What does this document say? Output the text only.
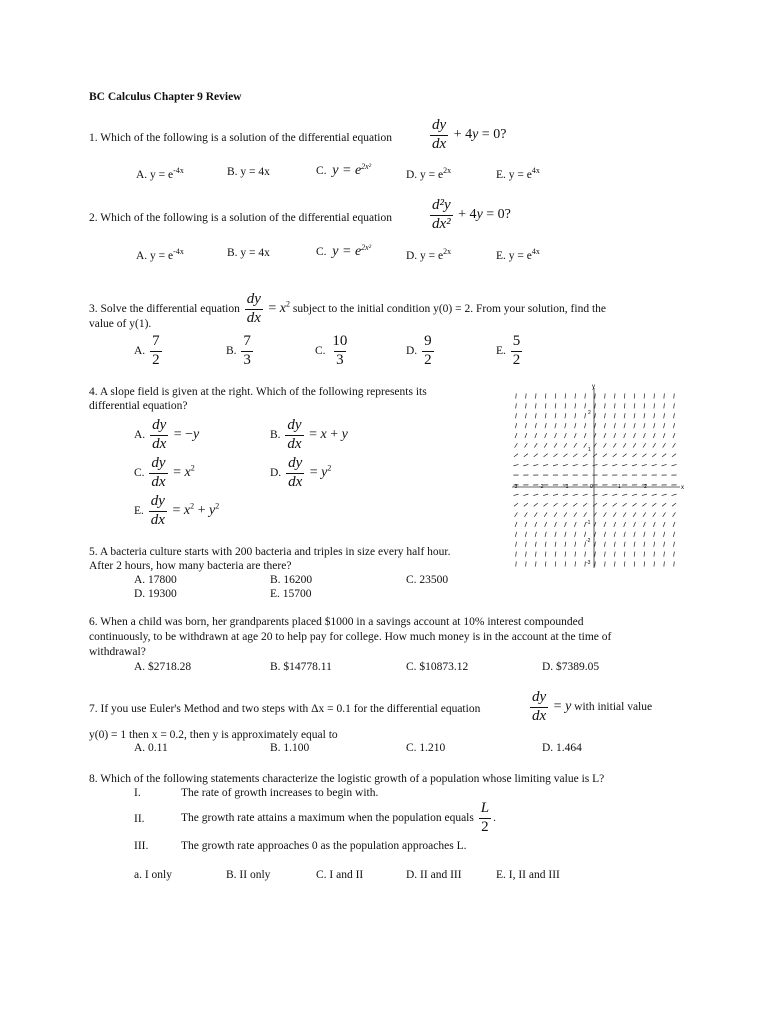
BC Calculus Chapter 9 Review
1. Which of the following is a solution of the differential equation	$\frac{dy}{dx} + 4y = 0$?
A. $y = e^{-4x}$	B. y = 4x	C. $y = e^{2x^2}$
D. $y = e^{2x}$	E. $y = e^{4x}$
2. Which of the following is a solution of the differential equation	$\frac{\text{d²y}}{\text{dx²}} + 4y = 0$?
A. $y = e^{-4x}$	B. y = 4x	C. $y = e^{2x^2}$
D. $y = e^{2x}$	E. $y = e^{4x}$
3. Solve the differential equation $\frac{dy}{dx} = x^2$ subject to the initial condition y(0) = 2. From your solution, find the
value of y(1).
A. $\frac{7}{2}$	B. $\frac{7}{3}$	C. $\frac{10}{3}$	D. $\frac{9}{2}$	E. $\frac{5}{2}$
4. A slope field is given at the right. Which of the following represents its
differential equation?
A. $\frac{dy}{dx} = -y$	B. $\frac{dy}{dx} = x + y$
C. $\frac{dy}{dx} = x^2$	D. $\frac{dy}{dx} = y^2$
E. $\frac{dy}{dx} = x^2 + y^2$
x
y
-3	-2	-1	0	1	2
2
1
-1
-2
-3
5. A bacteria culture starts with 200 bacteria and triples in size every half hour.
After 2 hours, how many bacteria are there?
A. 17800	B. 16200	C. 23500
D. 19300	E. 15700
6. When a child was born, her grandparents placed $1000 in a savings account at 10% interest compounded
continuously, to be withdrawn at age 20 to help pay for college. How much money is in the account at the time of
withdrawal?
A. $2718.28	B. $14778.11	C. $10873.12	D. $7389.05
7. If you use Euler's Method and two steps with Δx = 0.1 for the differential equation	$\frac{dy}{dx} = y$ with initial value
y(0) = 1 then x = 0.2, then y is approximately equal to
A. 0.11	B. 1.100	C. 1.210	D. 1.464
8. Which of the following statements characterize the logistic growth of a population whose limiting value is L?
I.	The rate of growth increases to begin with.
II.	The growth rate attains a maximum when the population equals $\frac{L}{2}$ .
III.	The growth rate approaches 0 as the population approaches L.
a. I only	B. II only	C. I and II	D. II and III	E. I, II and III
